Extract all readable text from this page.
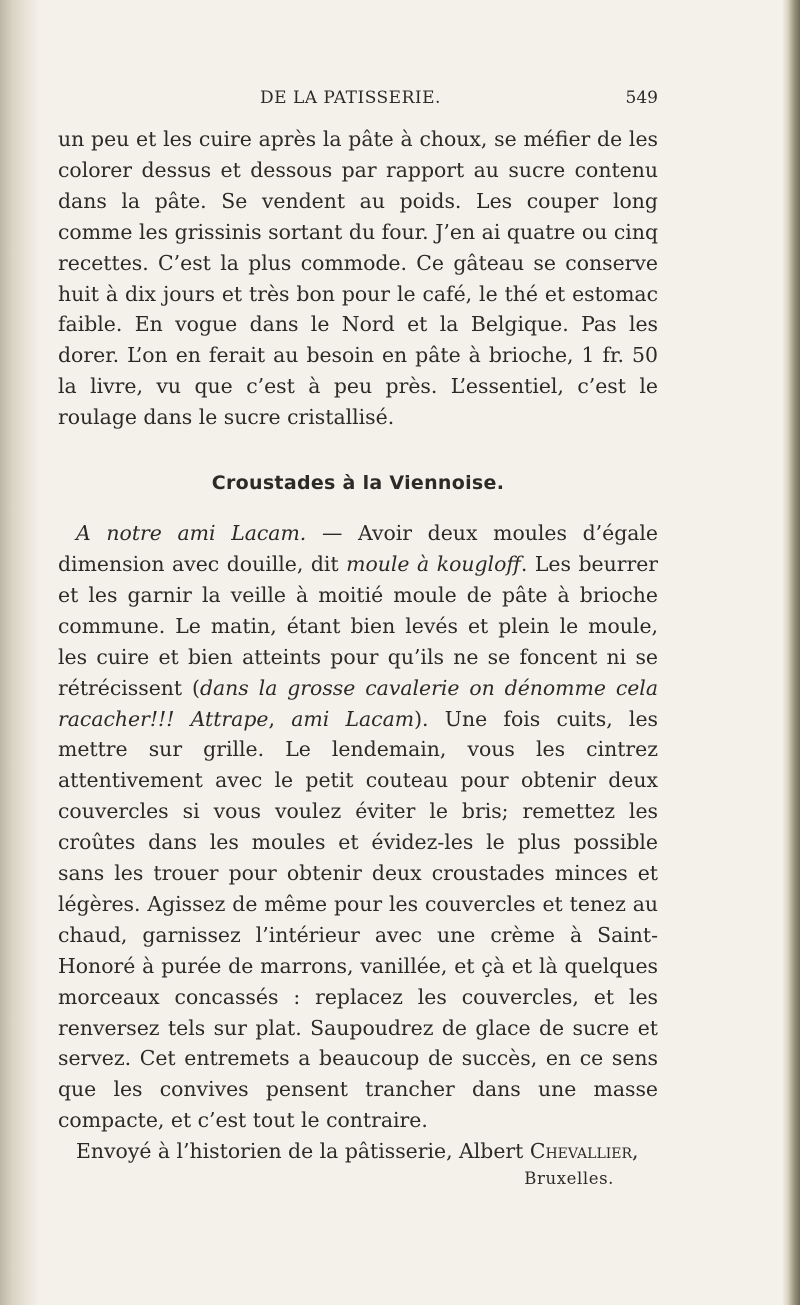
DE LA PATISSERIE.	549

un peu et les cuire après la pâte à choux, se méfier de les colorer dessus et dessous par rapport au sucre contenu dans la pâte. Se vendent au poids. Les couper long comme les grissinis sortant du four. J’en ai quatre ou cinq recettes. C’est la plus commode. Ce gâteau se conserve huit à dix jours et très bon pour le café, le thé et estomac faible. En vogue dans le Nord et la Belgique. Pas les dorer. L’on en ferait au besoin en pâte à brioche, 1 fr. 50 la livre, vu que c’est à peu près. L’essentiel, c’est le roulage dans le sucre cristallisé.

Croustades à la Viennoise.

A notre ami Lacam. — Avoir deux moules d’égale dimension avec douille, dit moule à kougloff. Les beurrer et les garnir la veille à moitié moule de pâte à brioche commune. Le matin, étant bien levés et plein le moule, les cuire et bien atteints pour qu’ils ne se foncent ni se rétrécissent (dans la grosse cavalerie on dénomme cela racacher!!! Attrape, ami Lacam). Une fois cuits, les mettre sur grille. Le lendemain, vous les cintrez attentivement avec le petit couteau pour obtenir deux couvercles si vous voulez éviter le bris; remettez les croûtes dans les moules et évidez-les le plus possible sans les trouer pour obtenir deux croustades minces et légères. Agissez de même pour les couvercles et tenez au chaud, garnissez l’intérieur avec une crème à Saint-Honoré à purée de marrons, vanillée, et çà et là quelques morceaux concassés : replacez les couvercles, et les renversez tels sur plat. Saupoudrez de glace de sucre et servez. Cet entremets a beaucoup de succès, en ce sens que les convives pensent trancher dans une masse compacte, et c’est tout le contraire.

Envoyé à l’historien de la pâtisserie, Albert Chevallier,

Bruxelles.
